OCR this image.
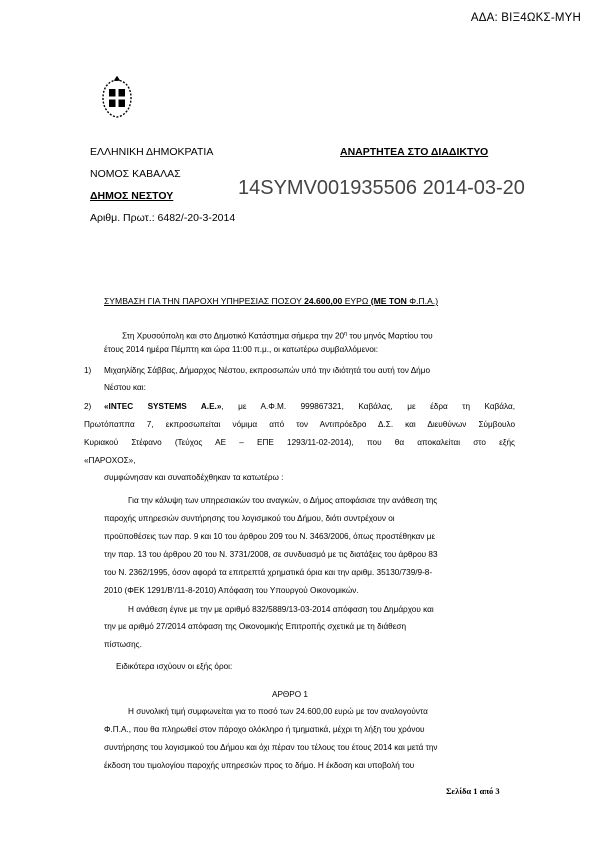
ΑΔΑ: ΒΙΞ4ΩΚΣ-ΜΥΗ
ΕΛΛΗΝΙΚΗ ΔΗΜΟΚΡΑΤΙΑ
ΝΟΜΟΣ ΚΑΒΑΛΑΣ
ΔΗΜΟΣ ΝΕΣΤΟΥ
Αριθμ. Πρωτ.: 6482/-20-3-2014
ΑΝΑΡΤΗΤΕΑ ΣΤΟ ΔΙΑΔΙΚΤΥΟ
14SYMV001935506 2014-03-20
ΣΥΜΒΑΣΗ ΓΙΑ ΤΗΝ ΠΑΡΟΧΗ ΥΠΗΡΕΣΙΑΣ ΠΟΣΟΥ 24.600,00 ΕΥΡΩ (ΜΕ ΤΟΝ Φ.Π.Α.)
Στη Χρυσούπολη και στο Δημοτικό Κατάστημα σήμερα την $20^\eta$ του μηνός Μαρτίου του
έτους 2014 ημέρα Πέμπτη και ώρα 11:00 π.μ., οι κατωτέρω συμβαλλόμενοι:
1) Μιχαηλίδης Σάββας, Δήμαρχος Νέστου, εκπροσωπών υπό την ιδιότητά του αυτή τον Δήμο
Νέστου και:
2) «INTEC SYSTEMS A.E.», με Α.Φ.Μ. 999867321, Καβάλας, με έδρα τη Καβάλα,
Πρωτόπαππα 7, εκπροσωπείται νόμιμα από τον Αντιπρόεδρο Δ.Σ. και Διευθύνων Σύμβουλο
Κυριακού Στέφανο (Τεύχος ΑΕ – ΕΠΕ 1293/11-02-2014), που θα αποκαλείται στο εξής
«ΠΑΡΟΧΟΣ»,
συμφώνησαν και συναποδέχθηκαν τα κατωτέρω :
Για την κάλυψη των υπηρεσιακών του αναγκών, ο Δήμος αποφάσισε την ανάθεση της
παροχής υπηρεσιών συντήρησης του λογισμικού του Δήμου, διότι συντρέχουν οι
προϋποθέσεις των παρ. 9 και 10 του άρθρου 209 του Ν. 3463/2006, όπως προστέθηκαν με
την παρ. 13 του άρθρου 20 του Ν. 3731/2008, σε συνδυασμό με τις διατάξεις του άρθρου 83
του Ν. 2362/1995, όσον αφορά τα επιτρεπτά χρηματικά όρια και την αριθμ. 35130/739/9-8-
2010 (ΦΕΚ 1291/Β'/11-8-2010) Απόφαση του Υπουργού Οικονομικών.
Η ανάθεση έγινε με την με αριθμό 832/5889/13-03-2014 απόφαση του Δημάρχου και
την με αριθμό 27/2014 απόφαση της Οικονομικής Επιτροπής σχετικά με τη διάθεση
πίστωσης.
Ειδικότερα ισχύουν οι εξής όροι:
ΑΡΘΡΟ 1
Η συνολική τιμή συμφωνείται για το ποσό των 24.600,00 ευρώ με τον αναλογούντα
Φ.Π.Α., που θα πληρωθεί στον πάροχο ολόκληρο ή τμηματικά, μέχρι τη λήξη του χρόνου
συντήρησης του λογισμικού του Δήμου και όχι πέραν του τέλους του έτους 2014 και μετά την
έκδοση του τιμολογίου παροχής υπηρεσιών προς το δήμο. Η έκδοση και υποβολή του
Σελίδα 1 από 3
